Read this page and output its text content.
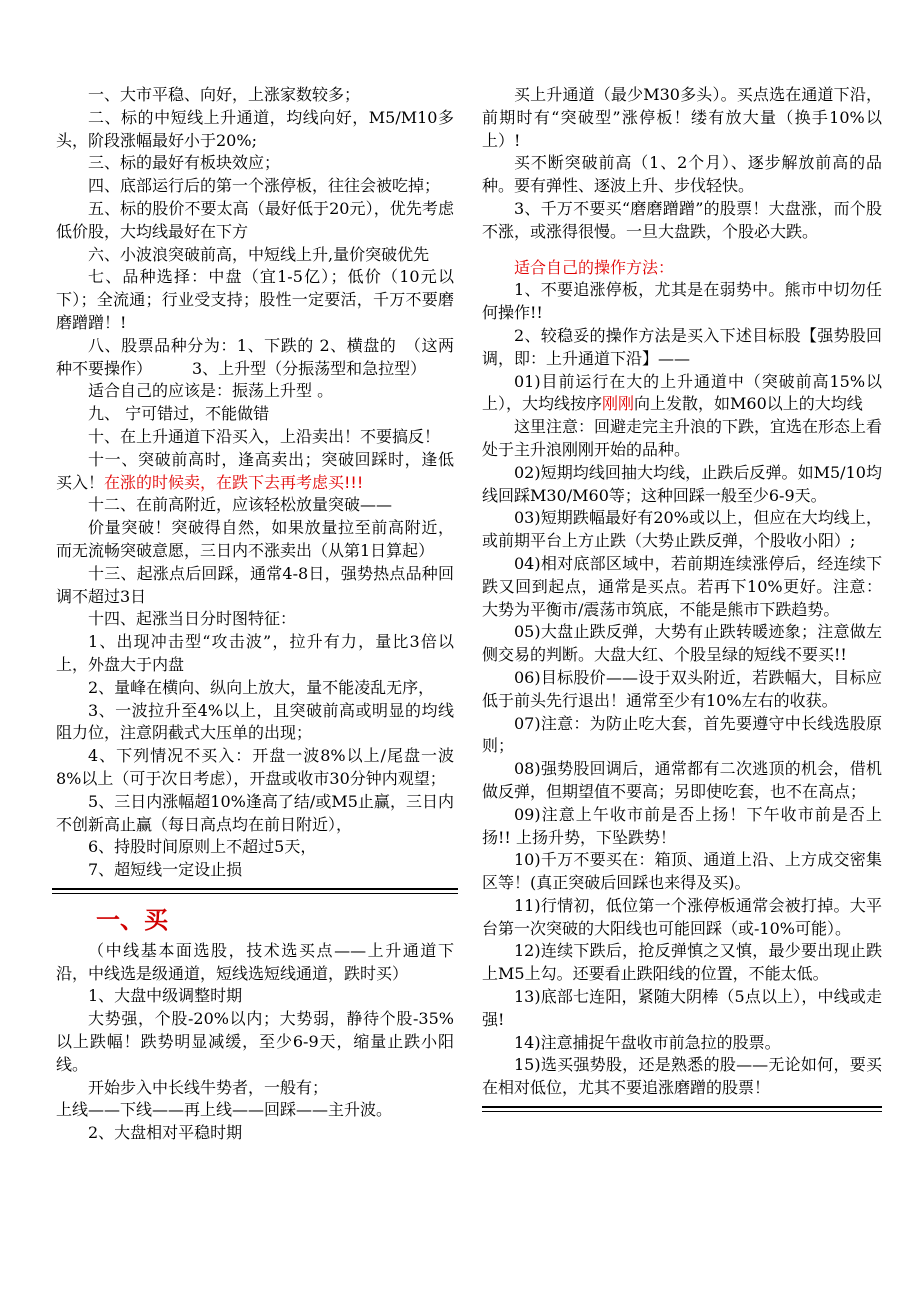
一、大市平稳、向好，上涨家数较多；

二、标的中短线上升通道，均线向好，M5/M10多头，阶段涨幅最好小于20%;

三、标的最好有板块效应；

四、底部运行后的第一个涨停板，往往会被吃掉；

五、标的股价不要太高（最好低于20元），优先考虑低价股，大均线最好在下方

六、小波浪突破前高，中短线上升,量价突破优先

七、品种选择：中盘（宜1-5亿）；低价（10元以下）；全流通；行业受支持；股性一定要活，千万不要磨磨蹭蹭！!

八、股票品种分为：1、下跌的 2、横盘的　（这两种不要操作）　　　3、上升型（分振荡型和急拉型）

适合自己的应该是：振荡上升型 。

九、 宁可错过，不能做错

十、在上升通道下沿买入，上沿卖出！不要搞反！

十一、突破前高时，逢高卖出；突破回踩时，逢低买入！在涨的时候卖，在跌下去再考虑买!!!

十二、在前高附近，应该轻松放量突破——

价量突破！突破得自然，如果放量拉至前高附近，而无流畅突破意愿，三日内不涨卖出（从第1日算起）

十三、起涨点后回踩，通常4-8日，强势热点品种回调不超过3日

十四、起涨当日分时图特征：

1、出现冲击型“攻击波”，拉升有力，量比3倍以上，外盘大于内盘

2、量峰在横向、纵向上放大，量不能凌乱无序，

3、一波拉升至4%以上，且突破前高或明显的均线阻力位，注意阴截式大压单的出现；

4、下列情况不买入：开盘一波8%以上/尾盘一波8%以上（可于次日考虑），开盘或收市30分钟内观望；

5、三日内涨幅超10%逢高了结/或M5止赢，三日内不创新高止赢（每日高点均在前日附近），

6、持股时间原则上不超过5天，

7、超短线一定设止损

一、买

（中线基本面选股，技术选买点——上升通道下沿，中线选是级通道，短线选短线通道，跌时买）

1、大盘中级调整时期

大势强，个股-20%以内；大势弱，静待个股-35%以上跌幅！跌势明显减缓，至少6-9天，缩量止跌小阳线。

开始步入中长线牛势者，一般有；

上线——下线——再上线——回踩——主升波。

2、大盘相对平稳时期

买上升通道（最少M30多头）。买点选在通道下沿，前期时有“突破型”涨停板！缕有放大量（换手10%以上）!

买不断突破前高（1、2个月）、逐步解放前高的品种。要有弹性、逐波上升、步伐轻快。

3、千万不要买“磨磨蹭蹭”的股票！大盘涨，而个股不涨，或涨得很慢。一旦大盘跌，个股必大跌。

适合自己的操作方法：

1、不要追涨停板，尤其是在弱势中。熊市中切勿任何操作!!

2、较稳妥的操作方法是买入下述目标股【强势股回调，即：上升通道下沿】——

01)目前运行在大的上升通道中（突破前高15%以上），大均线按序刚刚向上发散，如M60以上的大均线

这里注意：回避走完主升浪的下跌，宜选在形态上看处于主升浪刚刚开始的品种。

02)短期均线回抽大均线，止跌后反弹。如M5/10均线回踩M30/M60等；这种回踩一般至少6-9天。

03)短期跌幅最好有20%或以上，但应在大均线上，或前期平台上方止跌（大势止跌反弹，个股收小阳）;

04)相对底部区域中，若前期连续涨停后，经连续下跌又回到起点，通常是买点。若再下10%更好。注意：大势为平衡市/震荡市筑底，不能是熊市下跌趋势。

05)大盘止跌反弹，大势有止跌转暖迹象；注意做左侧交易的判断。大盘大红、个股呈绿的短线不要买!!

06)目标股价——设于双头附近，若跌幅大，目标应低于前头先行退出！通常至少有10%左右的收获。

07)注意：为防止吃大套，首先要遵守中长线选股原则；

08)强势股回调后，通常都有二次逃顶的机会，借机做反弹，但期望值不要高；另即使吃套，也不在高点；

09)注意上午收市前是否上扬！下午收市前是否上扬!! 上扬升势，下坠跌势！

10)千万不要买在：箱顶、通道上沿、上方成交密集区等！(真正突破后回踩也来得及买)。

11)行情初，低位第一个涨停板通常会被打掉。大平台第一次突破的大阳线也可能回踩（或-10%可能）。

12)连续下跌后，抢反弹慎之又慎，最少要出现止跌上M5上勾。还要看止跌阳线的位置，不能太低。

13)底部七连阳，紧随大阴棒（5点以上），中线或走强!

14)注意捕捉午盘收市前急拉的股票。

15)选买强势股，还是熟悉的股——无论如何，要买在相对低位，尤其不要追涨磨蹭的股票！
